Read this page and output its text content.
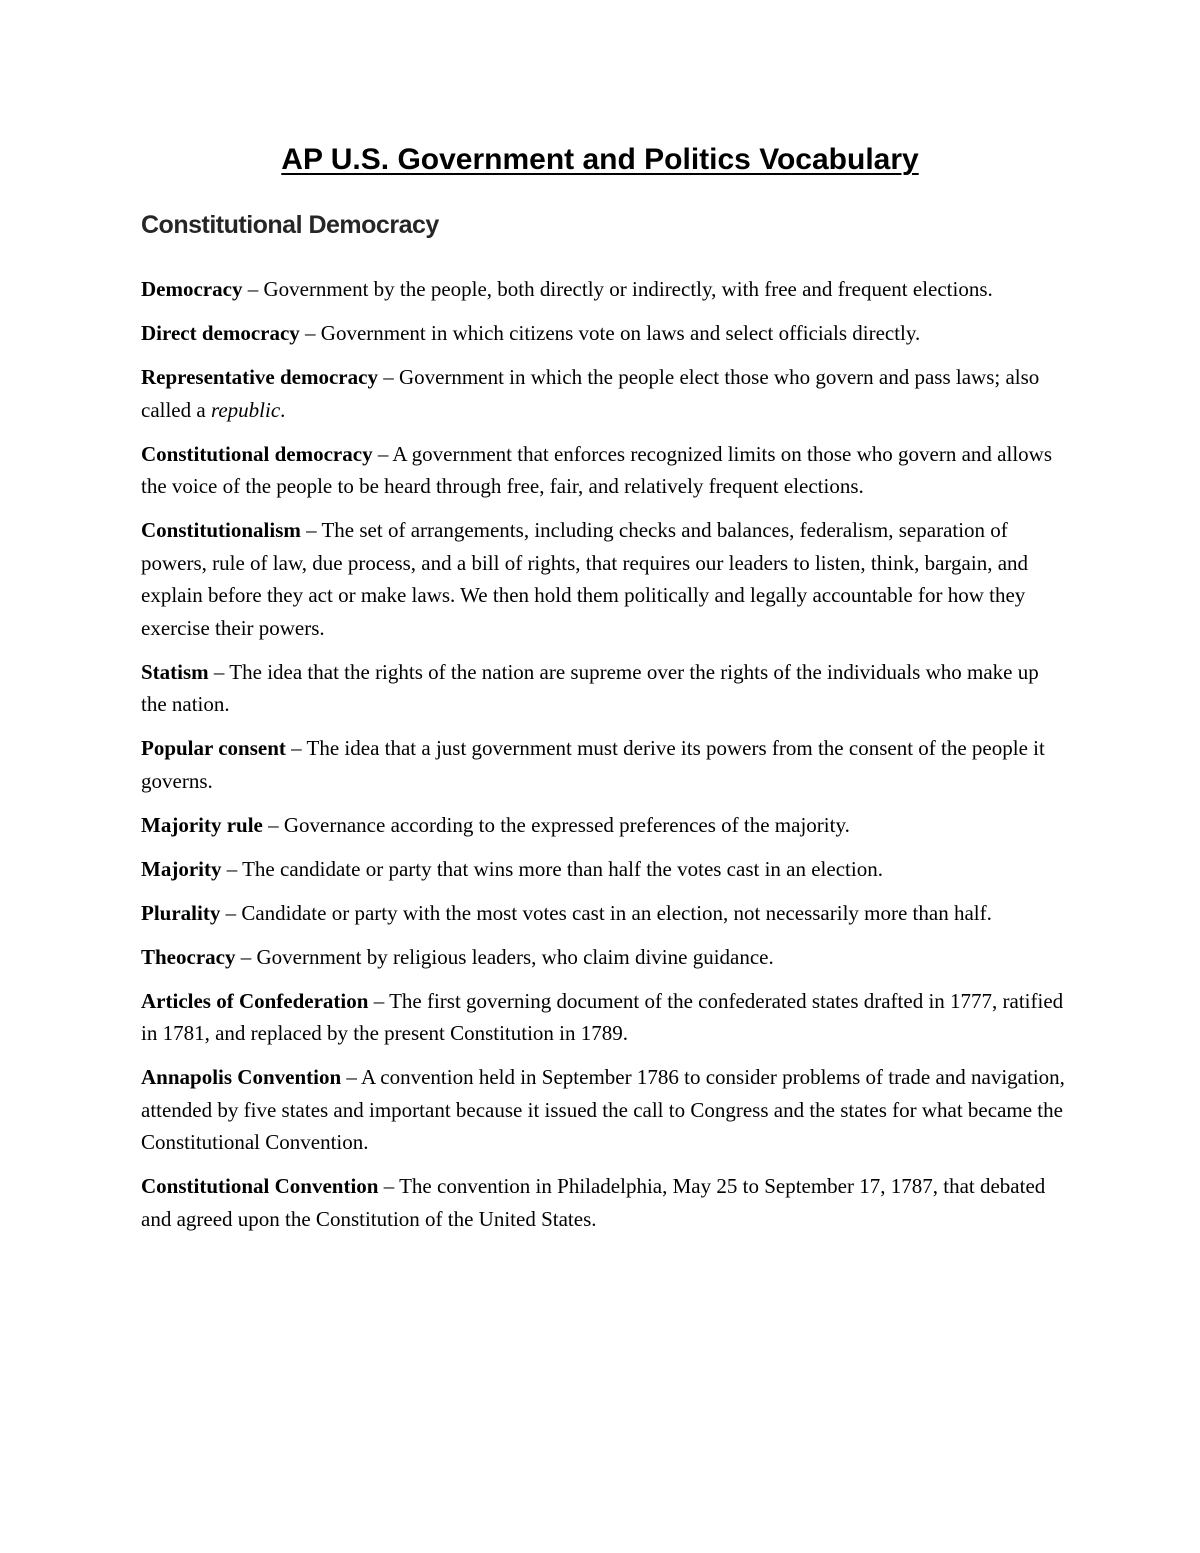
AP U.S. Government and Politics Vocabulary
Constitutional Democracy

Democracy – Government by the people, both directly or indirectly, with free and frequent elections.

Direct democracy – Government in which citizens vote on laws and select officials directly.

Representative democracy – Government in which the people elect those who govern and pass laws; also called a republic.

Constitutional democracy – A government that enforces recognized limits on those who govern and allows the voice of the people to be heard through free, fair, and relatively frequent elections.

Constitutionalism – The set of arrangements, including checks and balances, federalism, separation of powers, rule of law, due process, and a bill of rights, that requires our leaders to listen, think, bargain, and explain before they act or make laws. We then hold them politically and legally accountable for how they exercise their powers.

Statism – The idea that the rights of the nation are supreme over the rights of the individuals who make up the nation.

Popular consent – The idea that a just government must derive its powers from the consent of the people it governs.

Majority rule – Governance according to the expressed preferences of the majority.

Majority – The candidate or party that wins more than half the votes cast in an election.

Plurality – Candidate or party with the most votes cast in an election, not necessarily more than half.

Theocracy – Government by religious leaders, who claim divine guidance.

Articles of Confederation – The first governing document of the confederated states drafted in 1777, ratified in 1781, and replaced by the present Constitution in 1789.

Annapolis Convention – A convention held in September 1786 to consider problems of trade and navigation, attended by five states and important because it issued the call to Congress and the states for what became the Constitutional Convention.

Constitutional Convention – The convention in Philadelphia, May 25 to September 17, 1787, that debated and agreed upon the Constitution of the United States.
